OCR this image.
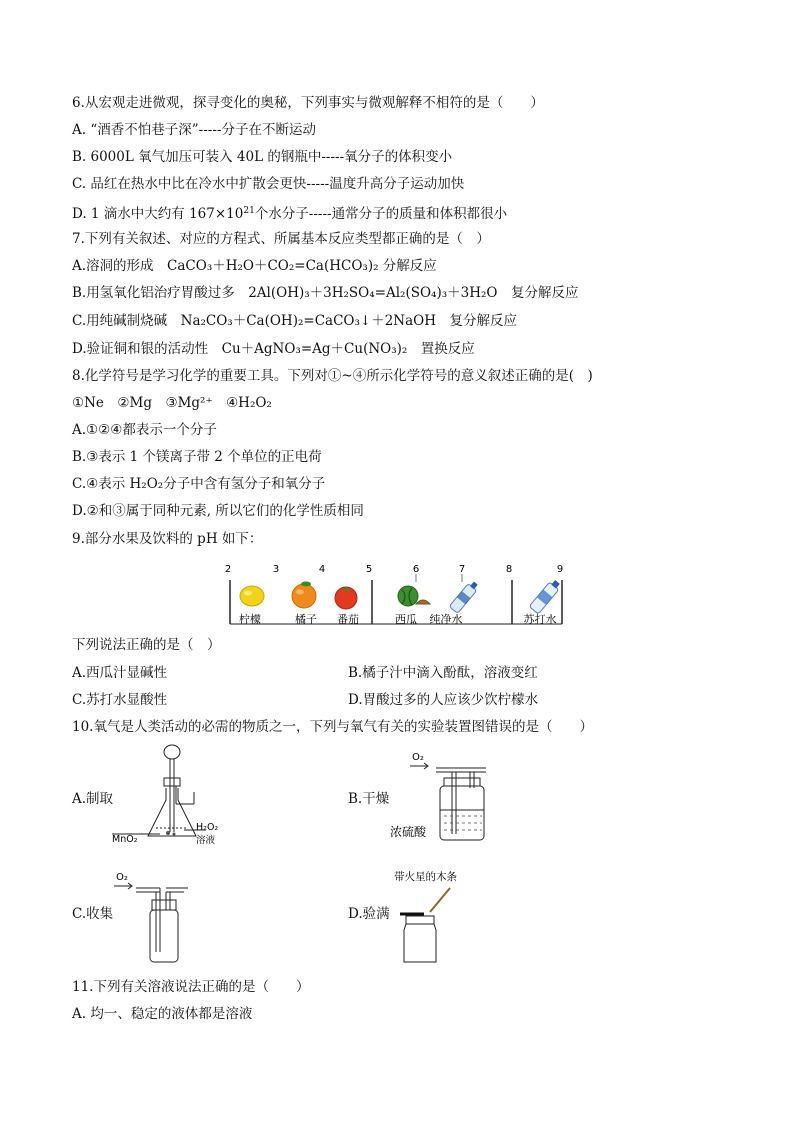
6.从宏观走进微观，探寻变化的奥秘，下列事实与微观解释不相符的是（　　）
A. “酒香不怕巷子深”-----分子在不断运动
B. 6000L 氧气加压可装入 40L 的钢瓶中-----氧分子的体积变小
C. 品红在热水中比在冷水中扩散会更快-----温度升高分子运动加快
D. 1 滴水中大约有 $167\times 10^{21}$个水分子-----通常分子的质量和体积都很小
7.下列有关叙述、对应的方程式、所属基本反应类型都正确的是（　）
A.溶洞的形成　CaCO₃＋H₂O＋CO₂=Ca(HCO₃)₂ 分解反应
B.用氢氧化铝治疗胃酸过多　2Al(OH)₃＋3H₂SO₄=Al₂(SO₄)₃＋3H₂O　复分解反应
C.用纯碱制烧碱　Na₂CO₃＋Ca(OH)₂=CaCO₃↓＋2NaOH　复分解反应
D.验证铜和银的活动性　Cu＋AgNO₃=Ag＋Cu(NO₃)₂　置换反应
8.化学符号是学习化学的重要工具。下列对①~④所示化学符号的意义叙述正确的是(　)
①Ne　②Mg　③Mg²⁺　④H₂O₂
A.①②④都表示一个分子
B.③表示 1 个镁离子带 2 个单位的正电荷
C.④表示 H₂O₂分子中含有氢分子和氧分子
D.②和③属于同种元素, 所以它们的化学性质相同
9.部分水果及饮料的 pH 如下：
2	3	4	5	6	7	8	9
柠檬	橘子 番茄	西瓜 纯净水	苏打水
下列说法正确的是（　）
A.西瓜汁显碱性	B.橘子汁中滴入酚酞，溶液变红
C.苏打水显酸性	D.胃酸过多的人应该少饮柠檬水
10.氧气是人类活动的必需的物质之一，下列与氧气有关的实验装置图错误的是（　　）
A.制取	B.干燥
C.收集	D.验满
MnO₂
H₂O₂
溶液
O₂
浓硫酸
O₂	带火星的木条
11.下列有关溶液说法正确的是（　　）
A. 均一、稳定的液体都是溶液
